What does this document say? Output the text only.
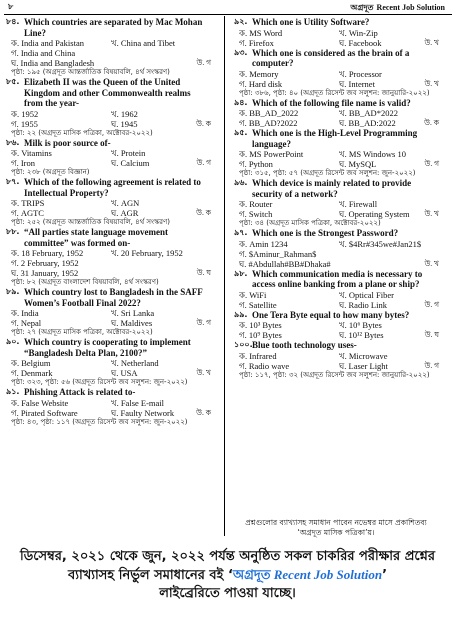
৮	অগ্রদূত Recent Job Solution
৮৪. Which countries are separated by Mac Mohan Line?
ক. India and Pakistan	খ. China and Tibet
গ. India and China
ঘ. India and Bangladesh	উ. গ
পৃষ্ঠা: ১৯৫ (অগ্রদূত আন্তর্জাতিক বিষয়াবলি, ৪র্থ সংস্করণ)
৮৫. Elizabeth II was the Queen of the United Kingdom and other Commonwealth realms from the year-
ক. 1952	খ. 1962
গ. 1955	ঘ. 1945	উ. ক
পৃষ্ঠা: ২২ (অগ্রদূত মাসিক পত্রিকা, অক্টোবর-২০২২)
৮৬. Milk is poor source of-
ক. Vitamins	খ. Protein
গ. Iron	ঘ. Calcium	উ. গ
পৃষ্ঠা: ২৩৮ (অগ্রদূত বিজ্ঞান)
৮৭. Which of the following agreement is related to Intellectual Property?
ক. TRIPS	খ. AGN
গ. AGTC	ঘ. AGR	উ. ক
পৃষ্ঠা: ২৫২ (অগ্রদূত আন্তর্জাতিক বিষয়াবলি, ৪র্থ সংস্করণ)
৮৮. “All parties state language movement committee” was formed on-
ক. 18 February, 1952	খ. 20 February, 1952
গ. 2 February, 1952
ঘ. 31 January, 1952	উ. ঘ
পৃষ্ঠা: ৮২ (অগ্রদূত বাংলাদেশ বিষয়াবলি, ৪র্থ সংস্করণ)
৮৯. Which country lost to Bangladesh in the SAFF Women’s Football Final 2022?
ক. India	খ. Sri Lanka
গ. Nepal	ঘ. Maldives	উ. গ
পৃষ্ঠা: ২৭ (অগ্রদূত মাসিক পত্রিকা, অক্টোবর-২০২২)
৯০. Which country is cooperating to implement “Bangladesh Delta Plan, 2100?”
ক. Belgium	খ. Netherland
গ. Denmark	ঘ. USA	উ. খ
পৃষ্ঠা: ৩২৩, পৃষ্ঠা: ৫৬ (অগ্রদূত রিসেন্ট জব সলুশন: জুন-২০২২)
৯১. Phishing Attack is related to-
ক. False Website	খ. False E-mail
গ. Pirated Software	ঘ. Faulty Network	উ. ক
পৃষ্ঠা: ৪৩, পৃষ্ঠা: ১১৭ (অগ্রদূত রিসেন্ট জব সলুশন: জুন-২০২২)
৯২. Which one is Utility Software?
ক. MS Word	খ. Win-Zip
গ. Firefox	ঘ. Facebook	উ. খ
৯৩. Which one is considered as the brain of a computer?
ক. Memory	খ. Processor
গ. Hard disk	ঘ. Internet	উ. খ
পৃষ্ঠা: ৩৮৬, পৃষ্ঠা: ৪০ (অগ্রদূত রিসেন্ট জব সলুশন: জানুয়ারি-২০২২)
৯৪. Which of the following file name is valid?
ক. BB_AD_2022	খ. BB_AD*2022
গ. BB_AD?2022	ঘ. BB_AD:2022	উ. ক
৯৫. Which one is the High-Level Programming language?
ক. MS PowerPoint	খ. MS Windows 10
গ. Python	ঘ. MySQL	উ. গ
পৃষ্ঠা: ৩১৫, পৃষ্ঠা: ৫৭ (অগ্রদূত রিসেন্ট জব সলুশন: জুন-২০২২)
৯৬. Which device is mainly related to provide security of a network?
ক. Router	খ. Firewall
গ. Switch	ঘ. Operating System	উ. খ
পৃষ্ঠা: ৩৪ (অগ্রদূত মাসিক পত্রিকা, অক্টোবর-২০২২)
৯৭. Which one is the Strongest Password?
ক. Amin 1234	খ. $4Rr#345we#Jan21$
গ. $Aminur_Rahman$
ঘ. #Abdullah#BB#Dhaka#	উ. খ
৯৮. Which communication media is necessary to access online banking from a plane or ship?
ক. WiFi	খ. Optical Fiber
গ. Satellite	ঘ. Radio Link	উ. গ
৯৯. One Tera Byte equal to how many bytes?
ক. 10³ Bytes	খ. 10⁶ Bytes
গ. 10⁹ Bytes	ঘ. 10¹² Bytes	উ. ঘ
১০০. Blue tooth technology uses-
ক. Infrared	খ. Microwave
গ. Radio wave	ঘ. Laser Light	উ. গ
পৃষ্ঠা: ১১৭, পৃষ্ঠা: ৩২ (অগ্রদূত রিসেন্ট জব সলুশন: জানুয়ারি-২০২২)
প্রশ্নগুলোর ব্যাখ্যাসহ সমাধান পাবেন নভেম্বর মাসে প্রকাশিতব্য ‘অগ্রদূত মাসিক পত্রিকা’য়।
ডিসেম্বর, ২০২১ থেকে জুন, ২০২২ পর্যন্ত অনুষ্ঠিত সকল চাকরির পরীক্ষার প্রশ্নের
ব্যাখ্যাসহ নির্ভুল সমাধানের বই ‘অগ্রদূত Recent Job Solution’
লাইব্রেরিতে পাওয়া যাচ্ছে।
